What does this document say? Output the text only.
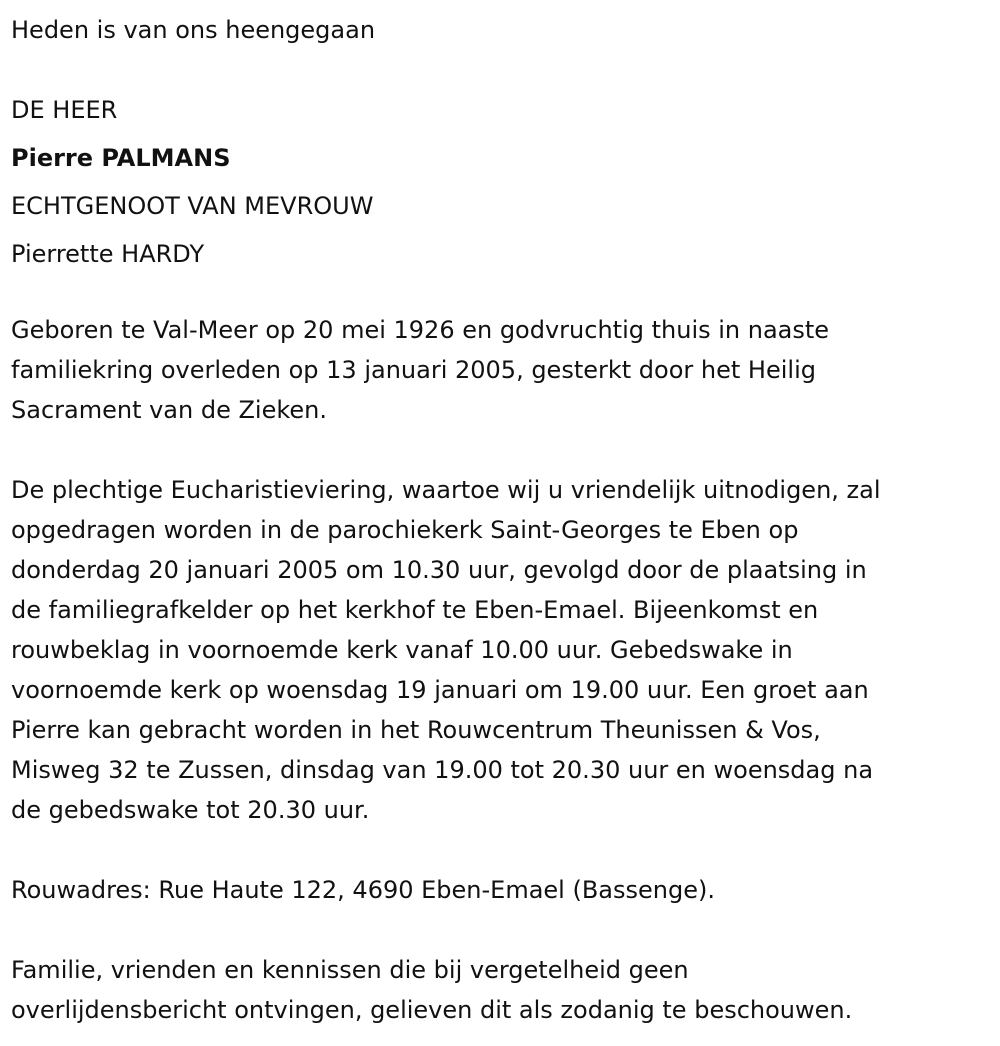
Heden is van ons heengegaan

DE HEER

Pierre PALMANS

ECHTGENOOT VAN MEVROUW

Pierrette HARDY

Geboren te Val-Meer op 20 mei 1926 en godvruchtig thuis in naaste
familiekring overleden op 13 januari 2005, gesterkt door het Heilig
Sacrament van de Zieken.

De plechtige Eucharistieviering, waartoe wij u vriendelijk uitnodigen, zal
opgedragen worden in de parochiekerk Saint-Georges te Eben op
donderdag 20 januari 2005 om 10.30 uur, gevolgd door de plaatsing in
de familiegrafkelder op het kerkhof te Eben-Emael. Bijeenkomst en
rouwbeklag in voornoemde kerk vanaf 10.00 uur. Gebedswake in
voornoemde kerk op woensdag 19 januari om 19.00 uur. Een groet aan
Pierre kan gebracht worden in het Rouwcentrum Theunissen & Vos,
Misweg 32 te Zussen, dinsdag van 19.00 tot 20.30 uur en woensdag na
de gebedswake tot 20.30 uur.

Rouwadres: Rue Haute 122, 4690 Eben-Emael (Bassenge).

Familie, vrienden en kennissen die bij vergetelheid geen
overlijdensbericht ontvingen, gelieven dit als zodanig te beschouwen.
